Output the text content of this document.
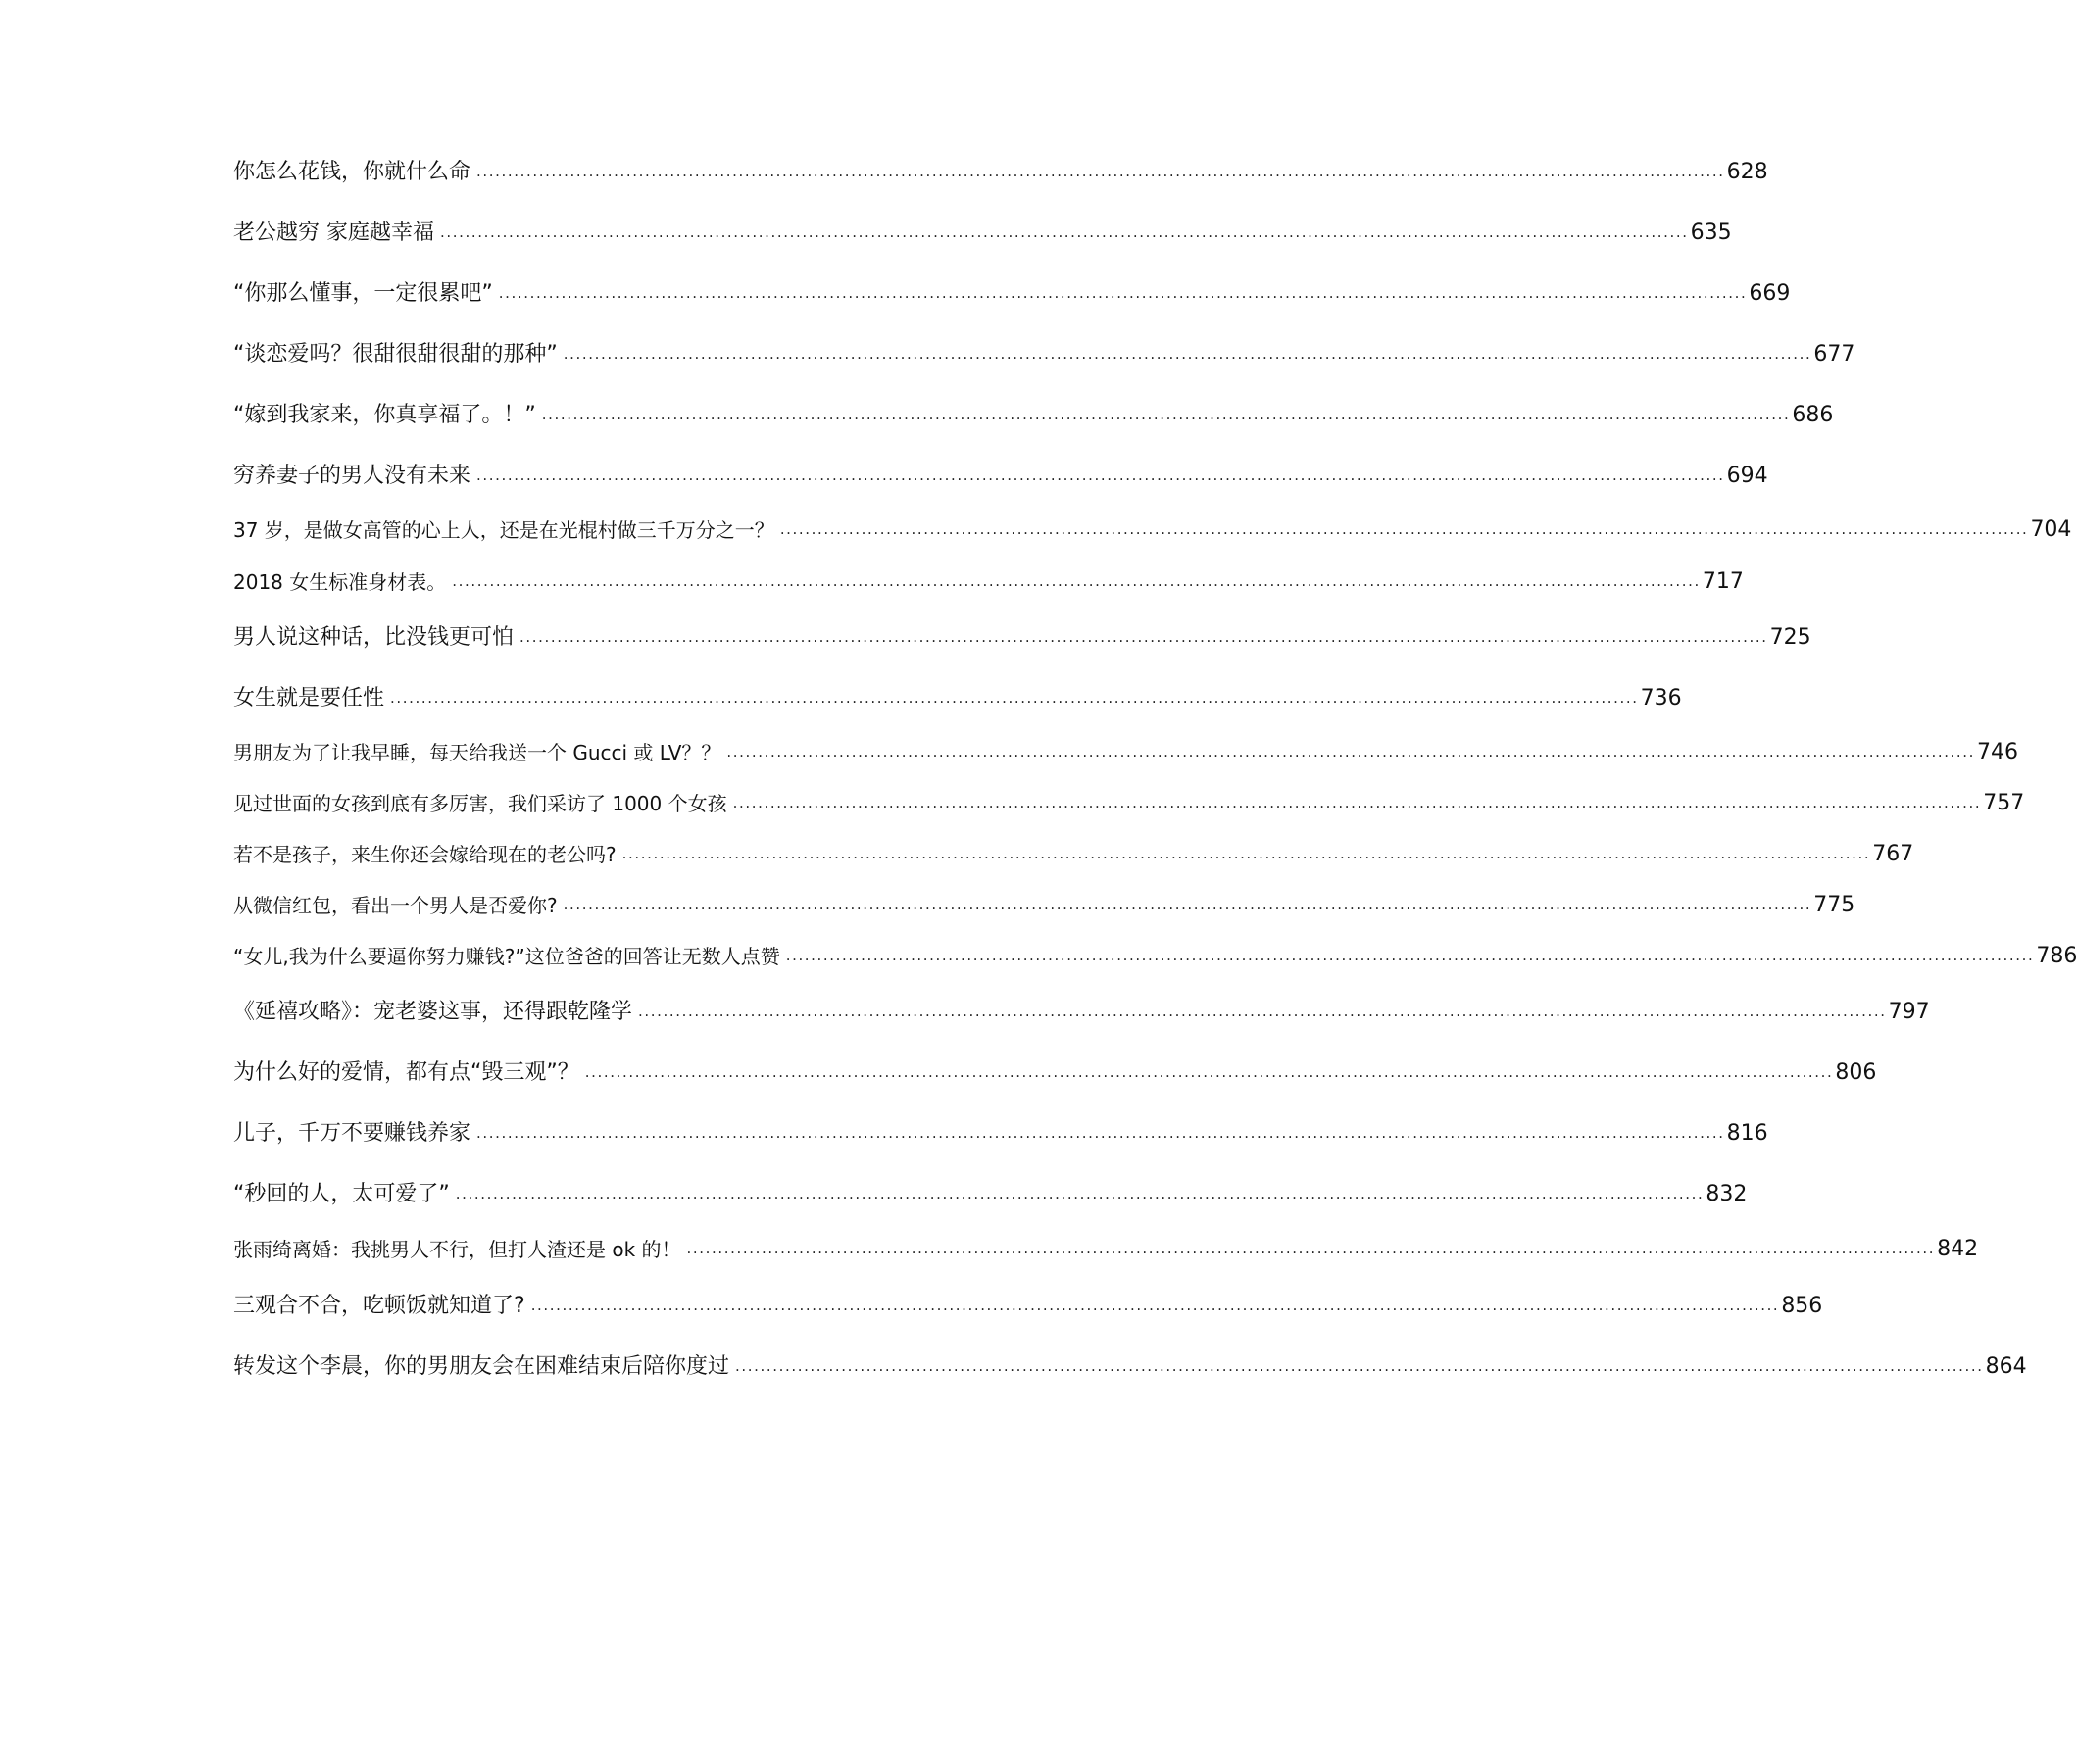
你怎么花钱，你就什么命 ........................................................................................................................................................................................................ 628
老公越穷 家庭越幸福 ........................................................................................................................................................................................................ 635
“你那么懂事，一定很累吧” ........................................................................................................................................................................................................ 669
“谈恋爱吗？很甜很甜很甜的那种” ........................................................................................................................................................................................................ 677
“嫁到我家来，你真享福了。！” ........................................................................................................................................................................................................ 686
穷养妻子的男人没有未来 ........................................................................................................................................................................................................ 694
37 岁，是做女高管的心上人，还是在光棍村做三千万分之一？ ........................................................................................................................................................................................................ 704
2018 女生标准身材表。 ........................................................................................................................................................................................................ 717
男人说这种话，比没钱更可怕 ........................................................................................................................................................................................................ 725
女生就是要任性 ........................................................................................................................................................................................................ 736
男朋友为了让我早睡，每天给我送一个 Gucci 或 LV？？ ........................................................................................................................................................................................................ 746
见过世面的女孩到底有多厉害，我们采访了 1000 个女孩 ........................................................................................................................................................................................................ 757
若不是孩子，来生你还会嫁给现在的老公吗? ........................................................................................................................................................................................................ 767
从微信红包，看出一个男人是否爱你? ........................................................................................................................................................................................................ 775
“女儿,我为什么要逼你努力赚钱?”这位爸爸的回答让无数人点赞 ........................................................................................................................................................................................................ 786
《延禧攻略》：宠老婆这事，还得跟乾隆学 ........................................................................................................................................................................................................ 797
为什么好的爱情，都有点“毁三观”？ ........................................................................................................................................................................................................ 806
儿子，千万不要赚钱养家 ........................................................................................................................................................................................................ 816
“秒回的人，太可爱了” ........................................................................................................................................................................................................ 832
张雨绮离婚：我挑男人不行，但打人渣还是 ok 的！ ........................................................................................................................................................................................................ 842
三观合不合，吃顿饭就知道了? ........................................................................................................................................................................................................ 856
转发这个李晨，你的男朋友会在困难结束后陪你度过 ........................................................................................................................................................................................................ 864
